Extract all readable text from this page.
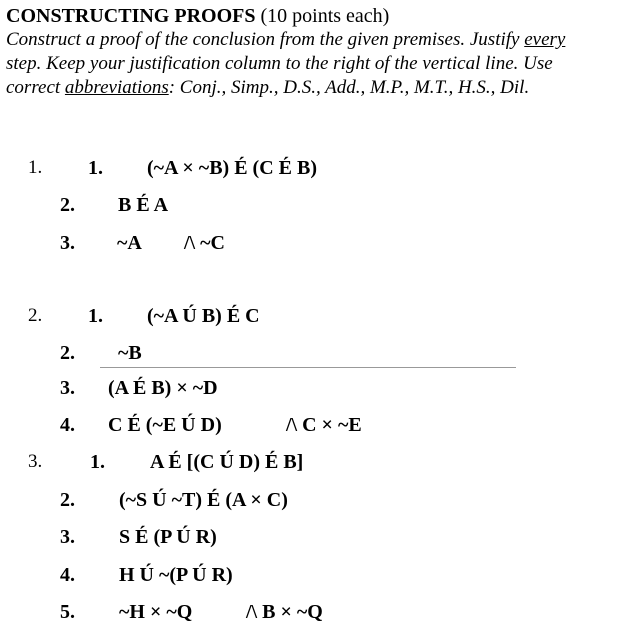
CONSTRUCTING PROOFS (10 points each)
Construct a proof of the conclusion from the given premises. Justify every
step. Keep your justification column to the right of the vertical line. Use
correct abbreviations: Conj., Simp., D.S., Add., M.P., M.T., H.S., Dil.
1. 1. (~A × ~B) É (C É B)
2. B É A
3. ~A /\ ~C
2. 1. (~A Ú B) É C
2. ~B
3. (A É B) × ~D
4. C É (~E Ú D)	/\ C × ~E
3. 1. A É [(C Ú D) É B]
2. (~S Ú ~T) É (A × C)
3. S É (P Ú R)
4. H Ú ~(P Ú R)
5. ~H × ~Q	/\ B × ~Q
